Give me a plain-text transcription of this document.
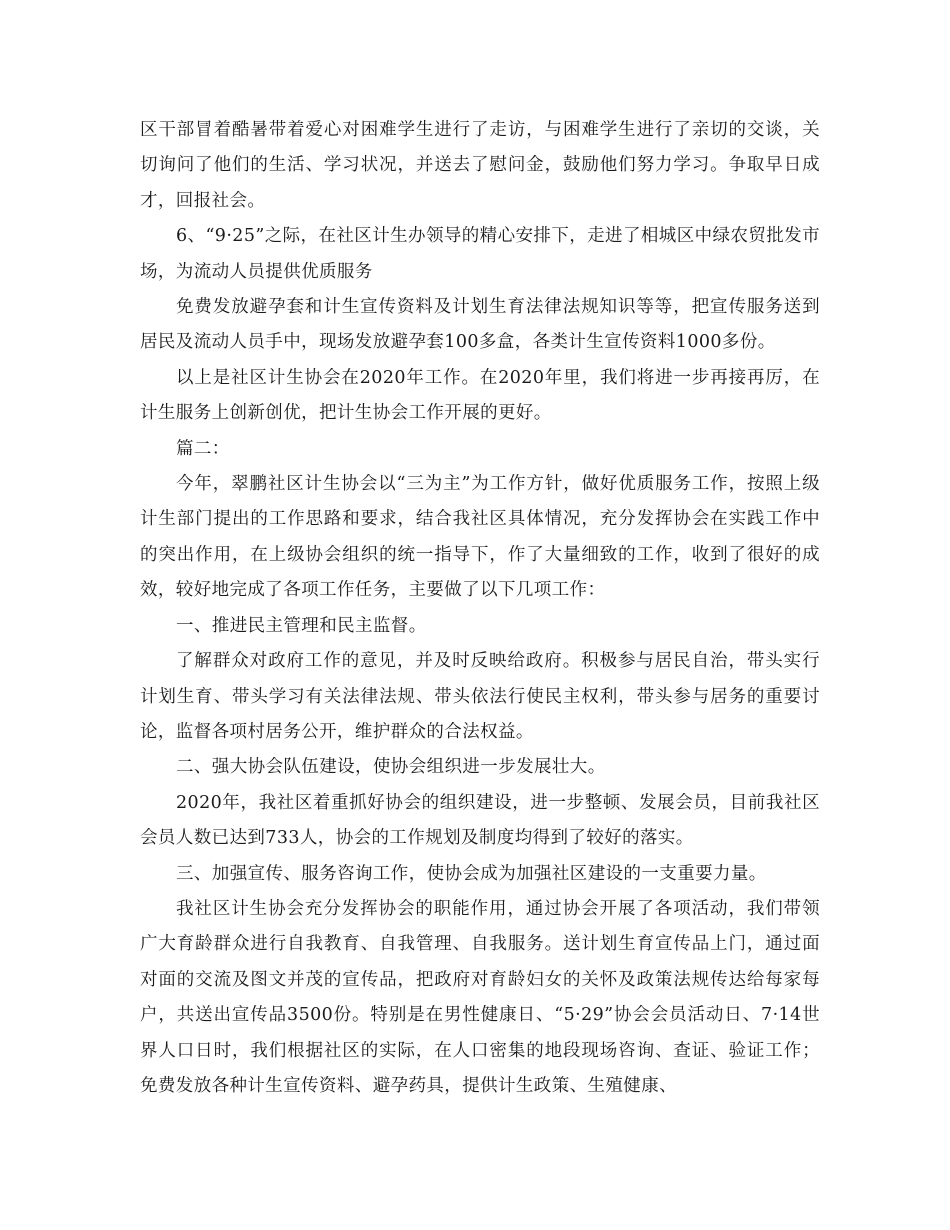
区干部冒着酷暑带着爱心对困难学生进行了走访，与困难学生进行了亲切的交谈，关切询问了他们的生活、学习状况，并送去了慰问金，鼓励他们努力学习。争取早日成才，回报社会。

6、“9·25”之际，在社区计生办领导的精心安排下，走进了相城区中绿农贸批发市场，为流动人员提供优质服务

免费发放避孕套和计生宣传资料及计划生育法律法规知识等等，把宣传服务送到居民及流动人员手中，现场发放避孕套100多盒，各类计生宣传资料1000多份。

以上是社区计生协会在2020年工作。在2020年里，我们将进一步再接再厉，在计生服务上创新创优，把计生协会工作开展的更好。

篇二：

今年，翠鹏社区计生协会以“三为主”为工作方针，做好优质服务工作，按照上级计生部门提出的工作思路和要求，结合我社区具体情况，充分发挥协会在实践工作中的突出作用，在上级协会组织的统一指导下，作了大量细致的工作，收到了很好的成效，较好地完成了各项工作任务，主要做了以下几项工作：

一、推进民主管理和民主监督。

了解群众对政府工作的意见，并及时反映给政府。积极参与居民自治，带头实行计划生育、带头学习有关法律法规、带头依法行使民主权利，带头参与居务的重要讨论，监督各项村居务公开，维护群众的合法权益。

二、强大协会队伍建设，使协会组织进一步发展壮大。

2020年，我社区着重抓好协会的组织建设，进一步整顿、发展会员，目前我社区会员人数已达到733人，协会的工作规划及制度均得到了较好的落实。

三、加强宣传、服务咨询工作，使协会成为加强社区建设的一支重要力量。

我社区计生协会充分发挥协会的职能作用，通过协会开展了各项活动，我们带领广大育龄群众进行自我教育、自我管理、自我服务。送计划生育宣传品上门，通过面对面的交流及图文并茂的宣传品，把政府对育龄妇女的关怀及政策法规传达给每家每户，共送出宣传品3500份。特别是在男性健康日、“5·29”协会会员活动日、7·14世界人口日时，我们根据社区的实际，在人口密集的地段现场咨询、查证、验证工作；免费发放各种计生宣传资料、避孕药具，提供计生政策、生殖健康、
